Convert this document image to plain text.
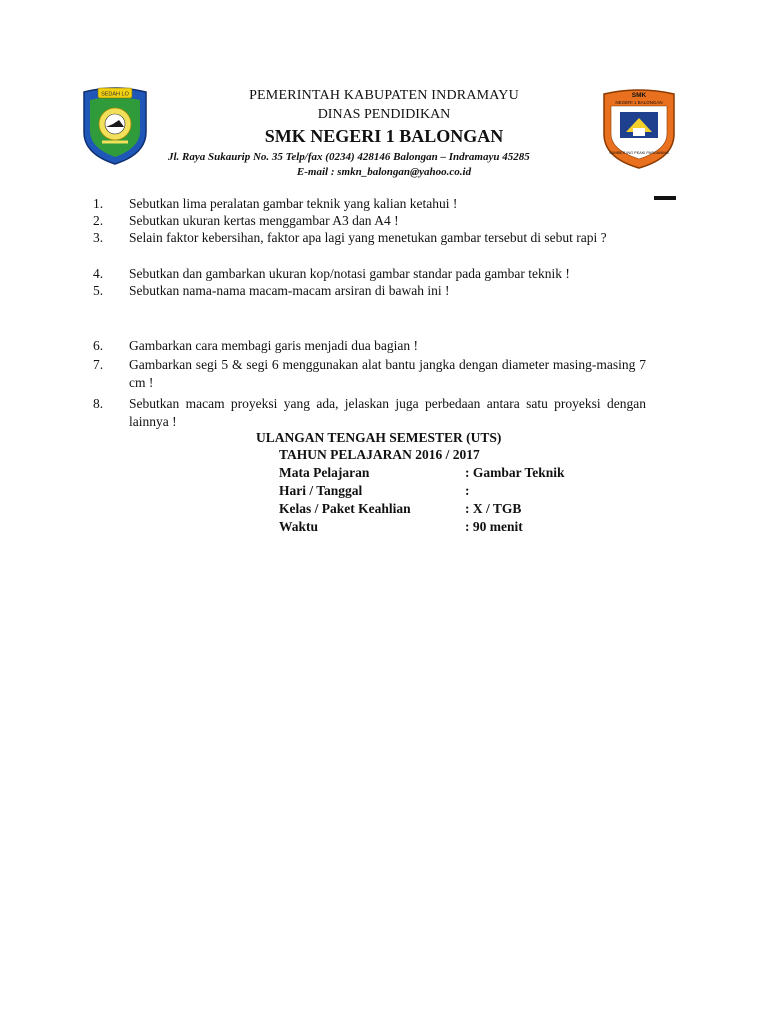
SEDAH LO	SMK
NEGERI 1 BALONGAN
SUMBER ING PEAKI PARGANING
PEMERINTAH KABUPATEN INDRAMAYU
DINAS PENDIDIKAN
SMK NEGERI 1 BALONGAN
Jl. Raya Sukaurip No. 35 Telp/fax (0234) 428146 Balongan – Indramayu 45285
E-mail : smkn_balongan@yahoo.co.id
1.	Sebutkan lima peralatan gambar teknik yang kalian ketahui !
2.	Sebutkan ukuran kertas menggambar A3 dan A4 !
3.	Selain faktor kebersihan, faktor apa lagi yang menetukan gambar tersebut di sebut rapi ?
4.	Sebutkan dan gambarkan ukuran kop/notasi gambar standar pada gambar teknik !
5.	Sebutkan nama-nama macam-macam arsiran di bawah ini !
6.	Gambarkan cara membagi garis menjadi dua bagian !
7.	Gambarkan segi 5 & segi 6 menggunakan alat bantu jangka dengan diameter masing-masing 7 cm !
8.	Sebutkan macam proyeksi yang ada, jelaskan juga perbedaan antara satu proyeksi dengan lainnya !
ULANGAN TENGAH SEMESTER (UTS)
TAHUN PELAJARAN 2016 / 2017
Mata Pelajaran	: Gambar Teknik
Hari / Tanggal	:
Kelas / Paket Keahlian	: X / TGB
Waktu	: 90 menit
